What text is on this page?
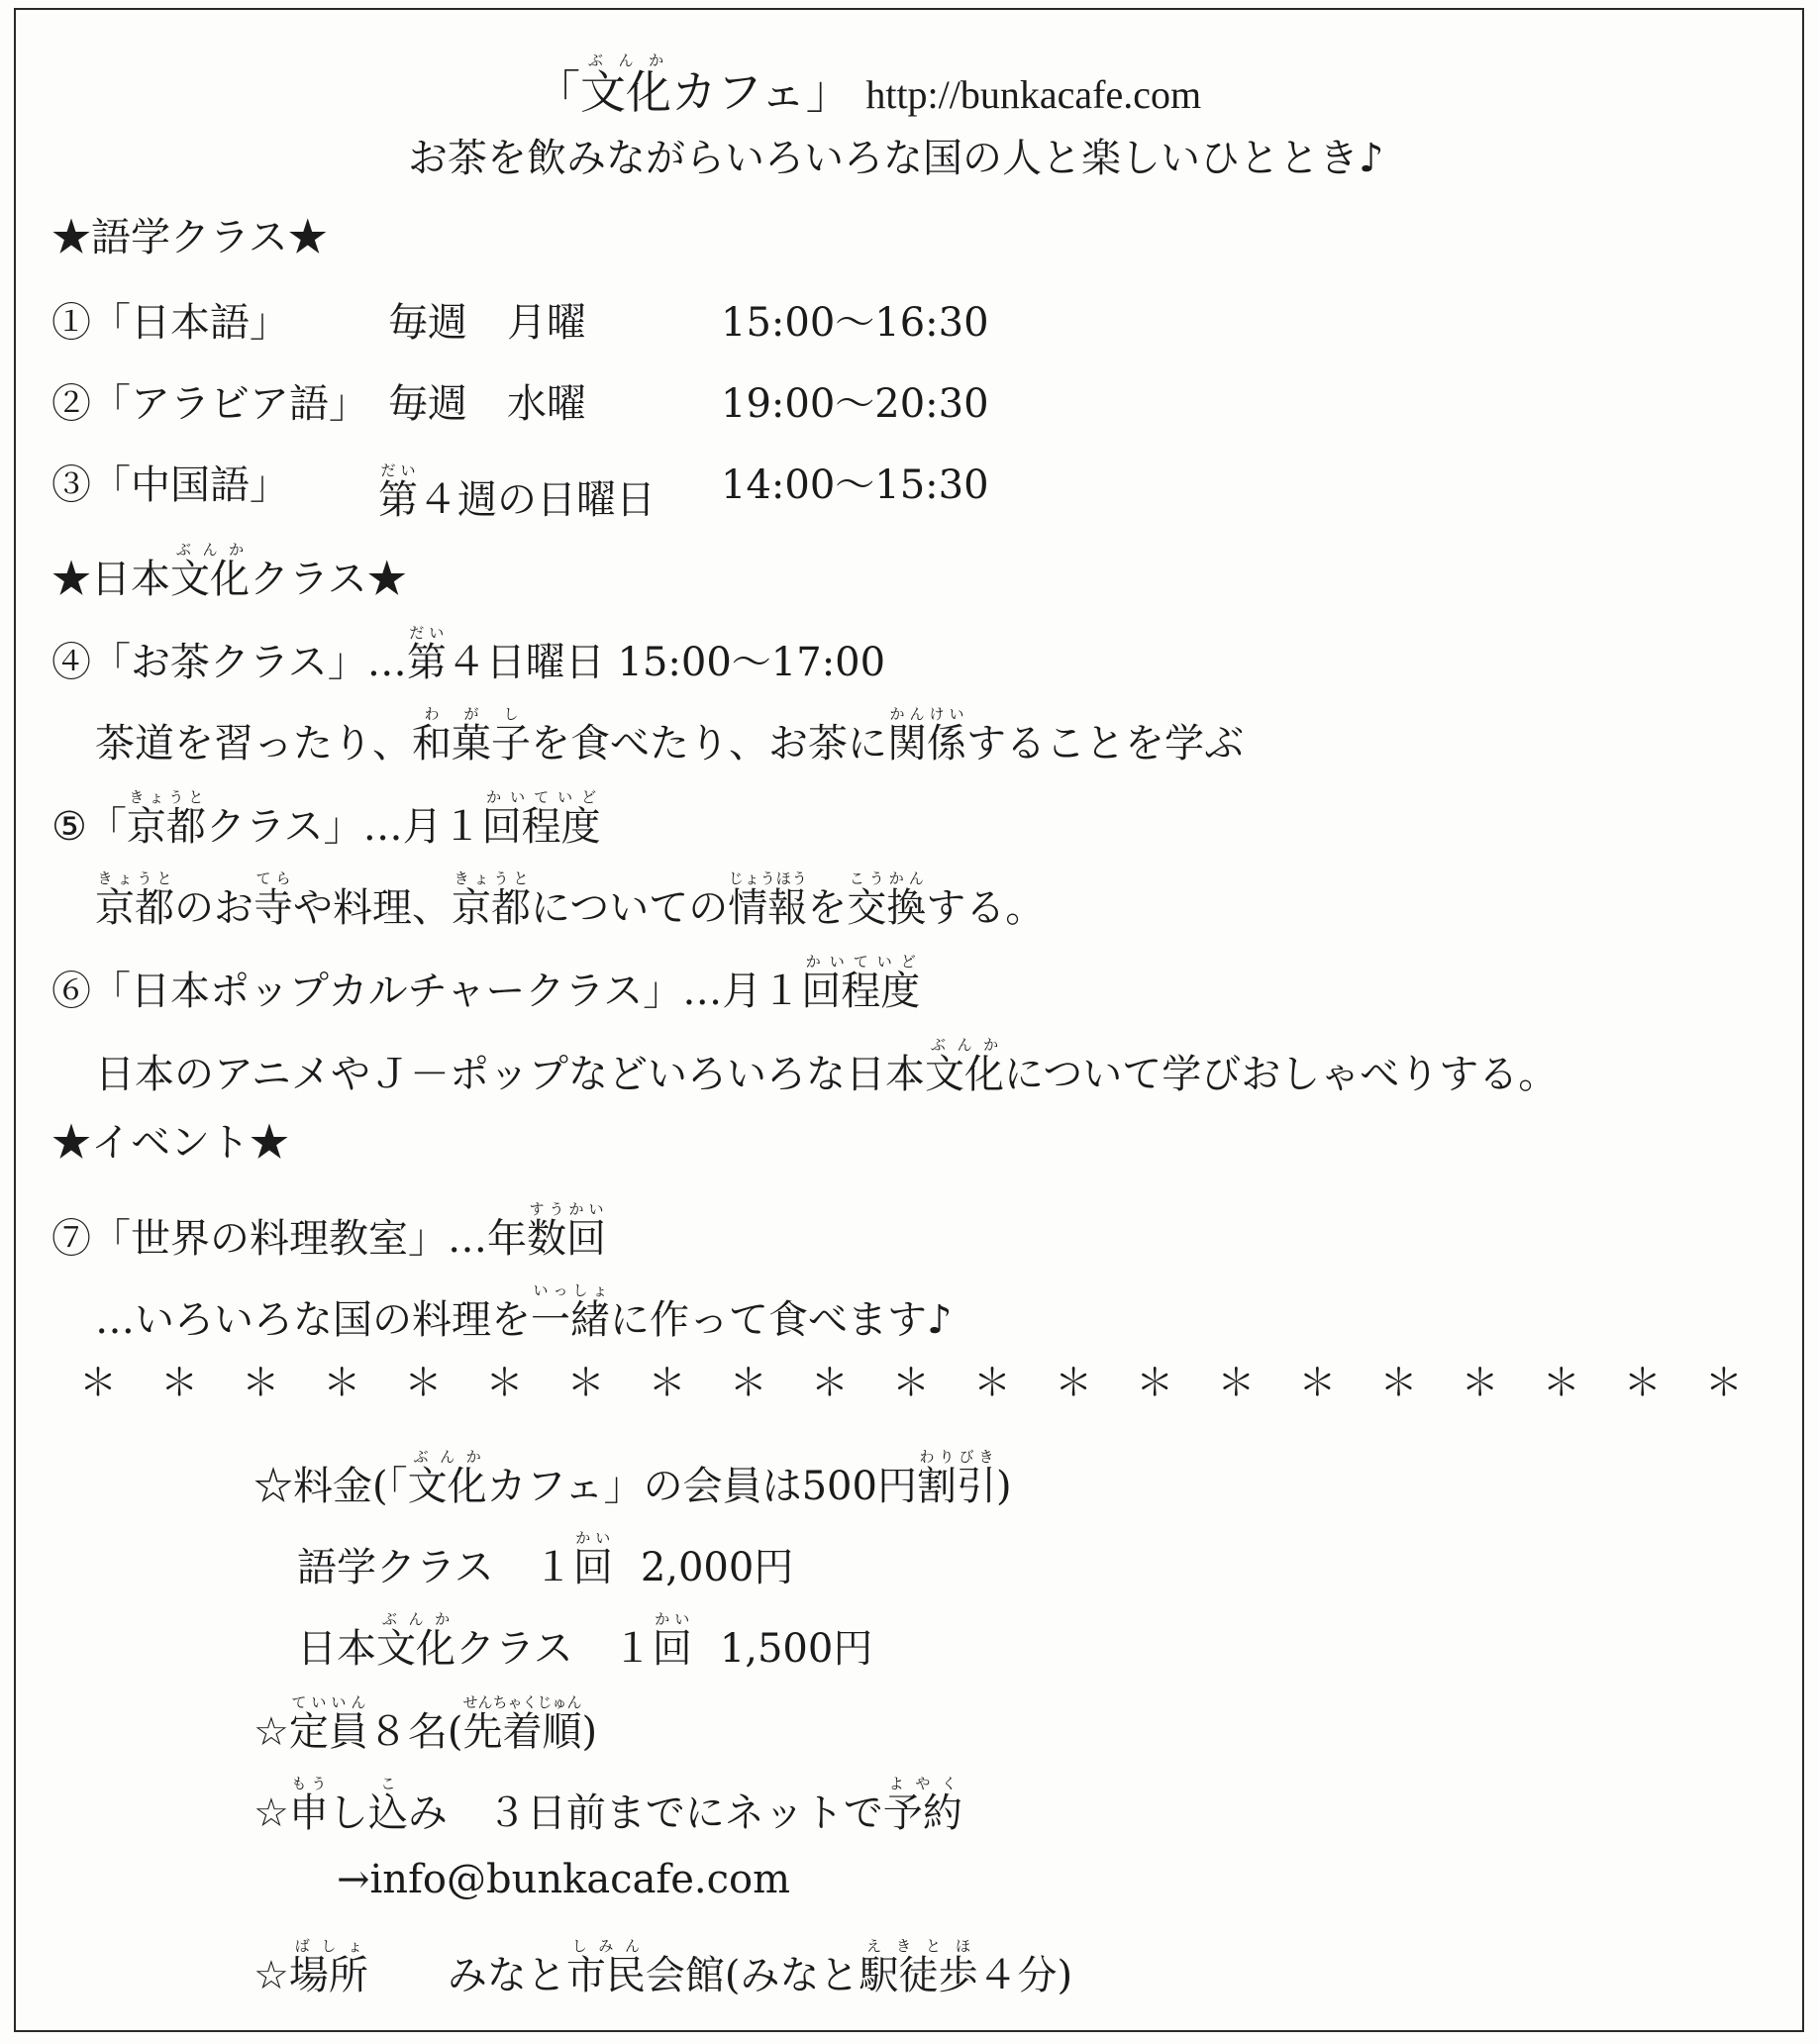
「文化ぶんかカフェ」 http://bunkacafe.com
お茶を飲みながらいろいろな国の人と楽しいひととき♪
★語学クラス★
①「日本語」	毎週　月曜	15:00～16:30
②「アラビア語」 毎週　水曜	19:00～20:30
③「中国語」 第だい４週の日曜日 14:00～15:30
★日本文化ぶんかクラス★
④「お茶クラス」…第だい４日曜日 15:00～17:00
茶道を習ったり、和菓子わがしを食べたり、お茶に関係かんけいすることを学ぶ
⑤「京都きょうとクラス」…月１回程度かいていど
京都きょうとのお寺てらや料理、京都きょうとについての情報じょうほうを交換こうかんする。
⑥「日本ポップカルチャークラス」…月１回程度かいていど
日本のアニメやＪ－ポップなどいろいろな日本文化ぶんかについて学びおしゃべりする。
★イベント★
⑦「世界の料理教室」…年数回すうかい
…いろいろな国の料理を一緒いっしょに作って食べます♪
＊ ＊ ＊ ＊ ＊ ＊ ＊ ＊ ＊ ＊ ＊ ＊ ＊ ＊ ＊ ＊ ＊ ＊ ＊ ＊ ＊
☆料金(「文化ぶんかカフェ」の会員は500円割引わりびき)
語学クラス　１回かい2,000円
日本文化ぶんかクラス　１回かい1,500円
☆定員ていいん８名(先着順せんちゃくじゅん)
☆申もうし込こみ　３日前までにネットで予約よやく
→info@bunkacafe.com
☆場所ばしょ　　みなと市民しみん会館(みなと駅徒歩えきとほ４分)
